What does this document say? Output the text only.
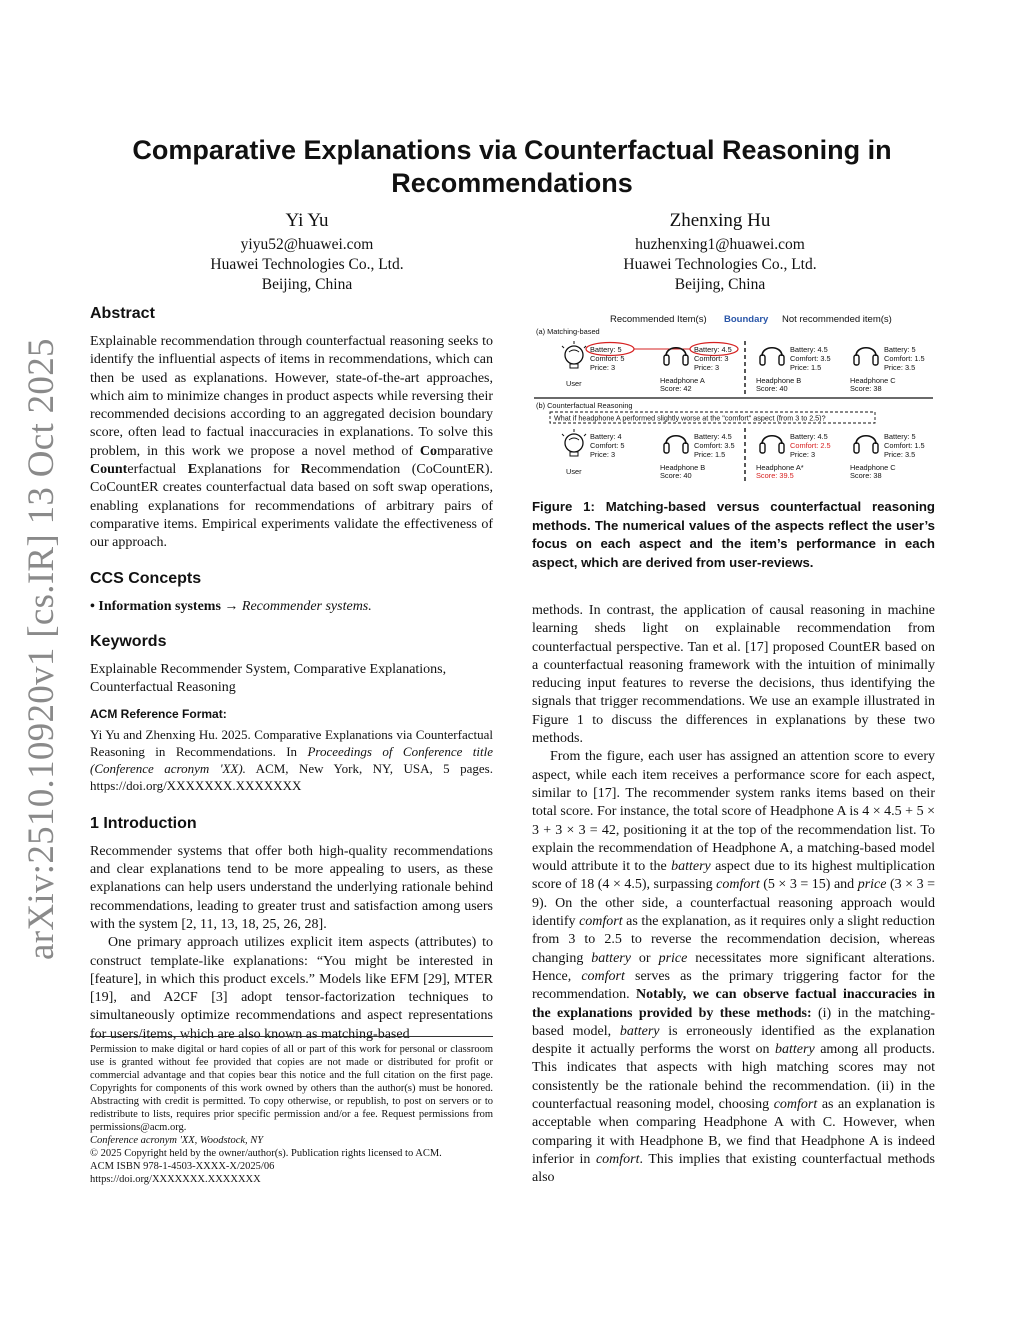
arXiv:2510.10920v1 [cs.IR] 13 Oct 2025
Comparative Explanations via Counterfactual Reasoning in Recommendations
Yi Yu
yiyu52@huawei.com
Huawei Technologies Co., Ltd.
Beijing, China
Zhenxing Hu
huzhenxing1@huawei.com
Huawei Technologies Co., Ltd.
Beijing, China
Abstract

Explainable recommendation through counterfactual reasoning seeks to identify the influential aspects of items in recommendations, which can then be used as explanations. However, state-of-the-art approaches, which aim to minimize changes in product aspects while reversing their recommended decisions according to an aggregated decision boundary score, often lead to factual inaccuracies in explanations. To solve this problem, in this work we propose a novel method of Comparative Counterfactual Explanations for Recommendation (CoCountER). CoCountER creates counterfactual data based on soft swap operations, enabling explanations for recommendations of arbitrary pairs of comparative items. Empirical experiments validate the effectiveness of our approach.

CCS Concepts
• Information systems → Recommender systems.
Keywords

Explainable Recommender System, Comparative Explanations, Counterfactual Reasoning

ACM Reference Format:

Yi Yu and Zhenxing Hu. 2025. Comparative Explanations via Counterfactual Reasoning in Recommendations. In Proceedings of Conference title (Conference acronym 'XX). ACM, New York, NY, USA, 5 pages. https://doi.org/XXXXXXX.XXXXXXX

1 Introduction

Recommender systems that offer both high-quality recommendations and clear explanations tend to be more appealing to users, as these explanations can help users understand the underlying rationale behind recommendations, leading to greater trust and satisfaction among users with the system [2, 11, 13, 18, 25, 26, 28].

One primary approach utilizes explicit item aspects (attributes) to construct template-like explanations: “You might be interested in [feature], in which this product excels.” Models like EFM [29], MTER [19], and A2CF [3] adopt tensor-factorization techniques to simultaneously optimize recommendations and aspect representations for users/items, which are also known as matching-based

Permission to make digital or hard copies of all or part of this work for personal or classroom use is granted without fee provided that copies are not made or distributed for profit or commercial advantage and that copies bear this notice and the full citation on the first page. Copyrights for components of this work owned by others than the author(s) must be honored. Abstracting with credit is permitted. To copy otherwise, or republish, to post on servers or to redistribute to lists, requires prior specific permission and/or a fee. Request permissions from permissions@acm.org.
Conference acronym 'XX, Woodstock, NY
© 2025 Copyright held by the owner/author(s). Publication rights licensed to ACM.
ACM ISBN 978-1-4503-XXXX-X/2025/06
https://doi.org/XXXXXXX.XXXXXXX
Recommended Item(s) Boundary Not recommended item(s)
(a) Matching-based
Battery: 5
Comfort: 5
Price: 3
User
Battery: 4.5
Comfort: 3
Price: 3
Headphone A
Score: 42
Battery: 4.5
Comfort: 3.5
Price: 1.5
Headphone B
Score: 40
Battery: 5
Comfort: 1.5
Price: 3.5
Headphone C
Score: 38
(b) Counterfactual Reasoning
What if headphone A performed slightly worse at the "comfort" aspect (from 3 to 2.5)?
Battery: 4
Comfort: 5
Price: 3
User
Battery: 4.5
Comfort: 3.5
Price: 1.5
Headphone B
Score: 40
Battery: 4.5
Comfort: 2.5
Price: 3
Headphone A*
Score: 39.5
Battery: 5
Comfort: 1.5
Price: 3.5
Headphone C
Score: 38
Figure 1: Matching-based versus counterfactual reasoning methods. The numerical values of the aspects reflect the user’s focus on each aspect and the item’s performance in each aspect, which are derived from user-reviews.

methods. In contrast, the application of causal reasoning in machine learning sheds light on explainable recommendation from counterfactual perspective. Tan et al. [17] proposed CountER based on a counterfactual reasoning framework with the intuition of minimally reducing input features to reverse the decisions, thus identifying the signals that trigger recommendations. We use an example illustrated in Figure 1 to discuss the differences in explanations by these two methods.

From the figure, each user has assigned an attention score to every aspect, while each item receives a performance score for each aspect, similar to [17]. The recommender system ranks items based on their total score. For instance, the total score of Headphone A is 4 × 4.5 + 5 × 3 + 3 × 3 = 42, positioning it at the top of the recommendation list. To explain the recommendation of Headphone A, a matching-based model would attribute it to the battery aspect due to its highest multiplication score of 18 (4 × 4.5), surpassing comfort (5 × 3 = 15) and price (3 × 3 = 9). On the other side, a counterfactual reasoning approach would identify comfort as the explanation, as it requires only a slight reduction from 3 to 2.5 to reverse the recommendation decision, whereas changing battery or price necessitates more significant alterations. Hence, comfort serves as the primary triggering factor for the recommendation. Notably, we can observe factual inaccuracies in the explanations provided by these methods: (i) in the matching-based model, battery is erroneously identified as the explanation despite it actually performs the worst on battery among all products. This indicates that aspects with high matching scores may not consistently be the rationale behind the recommendation. (ii) in the counterfactual reasoning model, choosing comfort as an explanation is acceptable when comparing Headphone A with C. However, when comparing it with Headphone B, we find that Headphone A is indeed inferior in comfort. This implies that existing counterfactual methods also
